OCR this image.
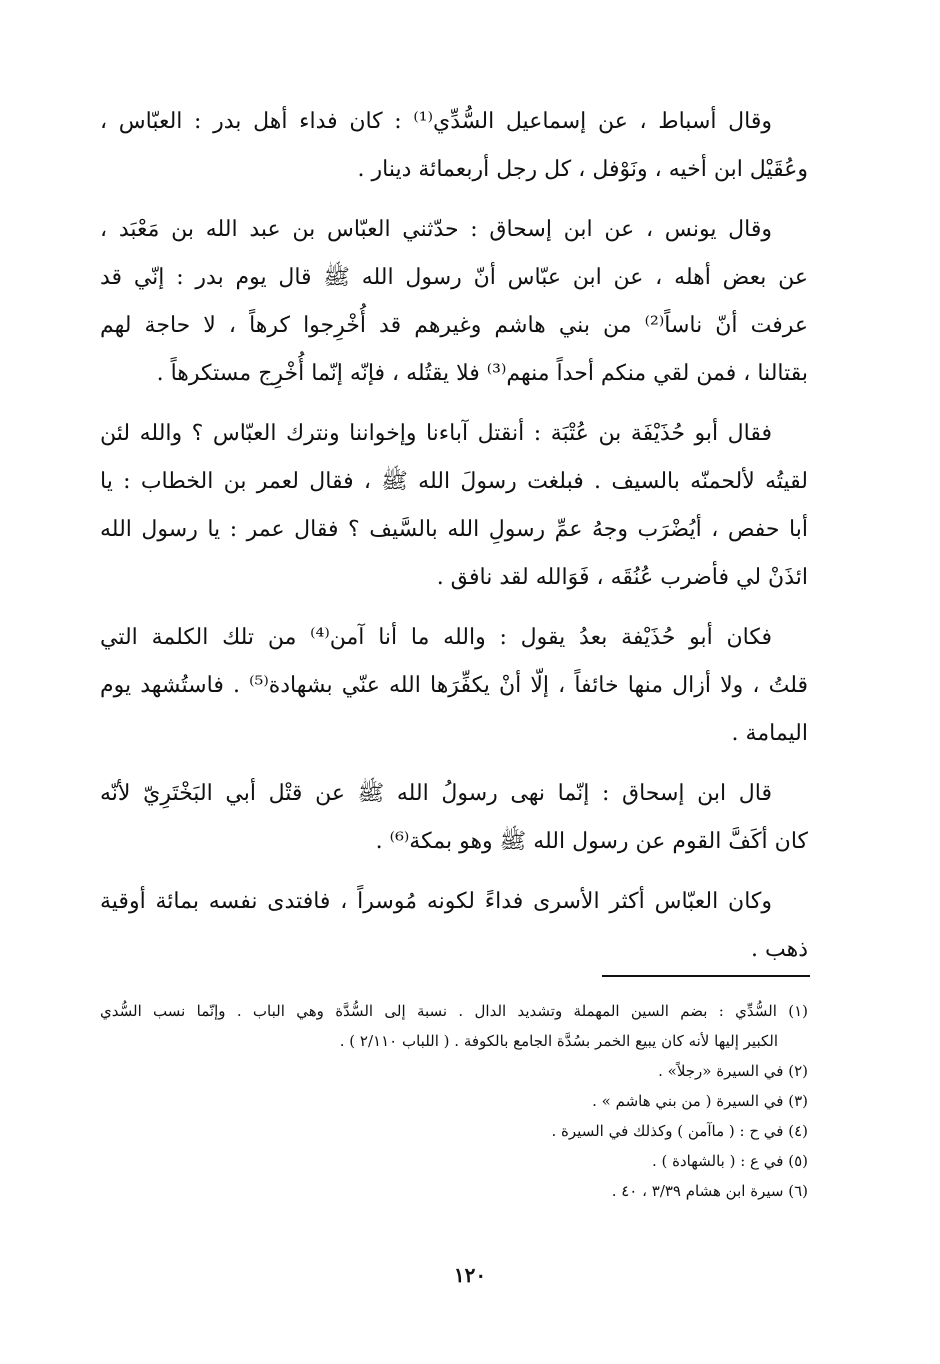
وقال أسباط ، عن إسماعيل السُّدِّي⁽¹⁾ : كان فداء أهل بدر : العبّاس ،
وعُقَيْل ابن أخيه ، ونَوْفل ، كل رجل أربعمائة دينار .

وقال يونس ، عن ابن إسحاق : حدّثني العبّاس بن عبد الله بن مَعْبَد ،
عن بعض أهله ، عن ابن عبّاس أنّ رسول الله ﷺ قال يوم بدر : إنّي قد
عرفت أنّ ناساً⁽²⁾ من بني هاشم وغيرهم قد أُخْرِجوا كرهاً ، لا حاجة لهم
بقتالنا ، فمن لقي منكم أحداً منهم⁽³⁾ فلا يقتُله ، فإنّه إنّما أُخْرِج مستكرهاً .

فقال أبو حُذَيْفَة بن عُتْبَة : أنقتل آباءنا وإخواننا ونترك العبّاس ؟ والله لئن
لقيتُه لألحمنّه بالسيف . فبلغت رسولَ الله ﷺ ، فقال لعمر بن الخطاب : يا
أبا حفص ، أيُضْرَب وجهُ عمِّ رسولِ الله بالسَّيف ؟ فقال عمر : يا رسول الله
ائذَنْ لي فأضرب عُنُقَه ، فَوَالله لقد نافق .

فكان أبو حُذَيْفة بعدُ يقول : والله ما أنا آمن⁽⁴⁾ من تلك الكلمة التي
قلتُ ، ولا أزال منها خائفاً ، إلّا أنْ يكفِّرَها الله عنّي بشهادة⁽⁵⁾ . فاستُشهد يوم
اليمامة .

قال ابن إسحاق : إنّما نهى رسولُ الله ﷺ عن قتْل أبي البَخْتَرِيّ لأنّه
كان أكَفَّ القوم عن رسول الله ﷺ وهو بمكة⁽⁶⁾ .

وكان العبّاس أكثر الأسرى فداءً لكونه مُوسراً ، فافتدى نفسه بمائة أوقية
ذهب .

(١) السُّدِّي : بضم السين المهملة وتشديد الدال . نسبة إلى السُّدَّة وهي الباب . وإنّما نسب السُّدي
الكبير إليها لأنه كان يبيع الخمر بسُدَّة الجامع بالكوفة . ( اللباب ٢/١١٠ ) .
(٢) في السيرة «رجلاً» .
(٣) في السيرة ( من بني هاشم » .
(٤) في ح : ( ماآمن ) وكذلك في السيرة .
(٥) في ع : ( بالشهادة ) .
(٦) سيرة ابن هشام ٣/٣٩ ، ٤٠ .
١٢٠
